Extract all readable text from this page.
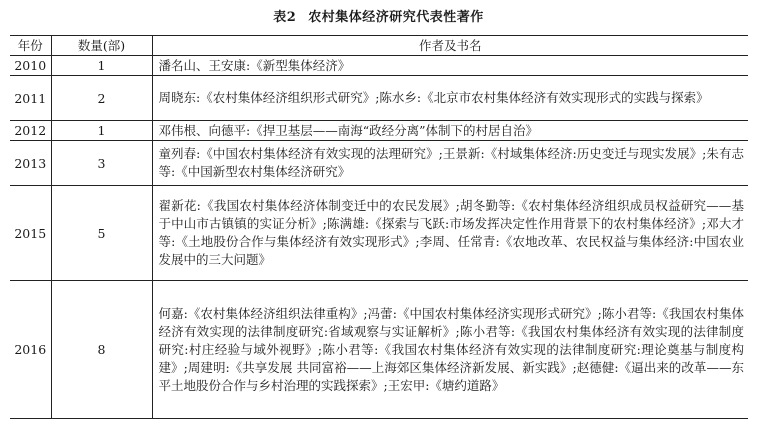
表2 农村集体经济研究代表性著作
年份	数量(部)	作者及书名
2010	1	潘名山、王安康:《新型集体经济》
2011	2	周晓东:《农村集体经济组织形式研究》;陈水乡:《北京市农村集体经济有效实现形式的实践与探索》
2012	1	邓伟根、向德平:《捍卫基层——南海“政经分离”体制下的村居自治》
2013	3	童列春:《中国农村集体经济有效实现的法理研究》;王景新:《村域集体经济:历史变迁与现实发展》;朱有志等:《中国新型农村集体经济研究》
2015	5	翟新花:《我国农村集体经济体制变迁中的农民发展》;胡冬勤等:《农村集体经济组织成员权益研究——基于中山市古镇镇的实证分析》;陈满雄:《探索与飞跃:市场发挥决定性作用背景下的农村集体经济》;邓大才等:《土地股份合作与集体经济有效实现形式》;李周、任常青:《农地改革、农民权益与集体经济:中国农业发展中的三大问题》
2016	8	何嘉:《农村集体经济组织法律重构》;冯蕾:《中国农村集体经济实现形式研究》;陈小君等:《我国农村集体经济有效实现的法律制度研究:省域观察与实证解析》;陈小君等:《我国农村集体经济有效实现的法律制度研究:村庄经验与域外视野》;陈小君等:《我国农村集体经济有效实现的法律制度研究:理论奠基与制度构建》;周建明:《共享发展 共同富裕——上海郊区集体经济新发展、新实践》;赵德健:《逼出来的改革——东平土地股份合作与乡村治理的实践探索》;王宏甲:《塘约道路》
